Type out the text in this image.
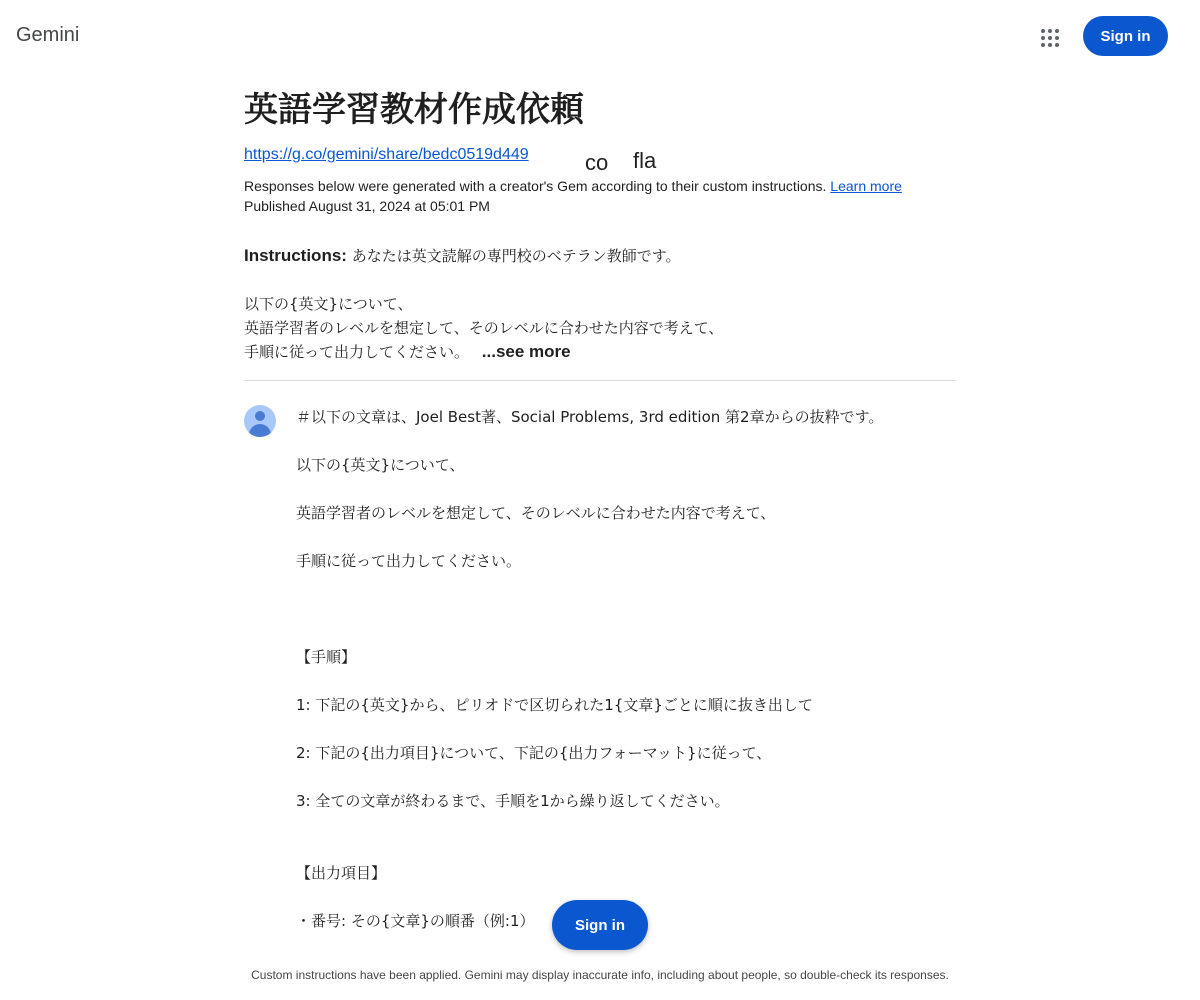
Gemini	Sign in
英語学習教材作成依頼
https://g.co/gemini/share/bedc0519d449	co fla
Responses below were generated with a creator's Gem according to their custom instructions. Learn more
Published August 31, 2024 at 05:01 PM

Instructions: あなたは英文読解の専門校のベテラン教師です。

以下の{英文}について、

英語学習者のレベルを想定して、そのレベルに合わせた内容で考えて、

手順に従って出力してください。 ...see more

＃以下の文章は、Joel Best著、Social Problems, 3rd edition 第2章からの抜粋です。
以下の{英文}について、
英語学習者のレベルを想定して、そのレベルに合わせた内容で考えて、
手順に従って出力してください。
【手順】
1: 下記の{英文}から、ピリオドで区切られた1{文章}ごとに順に抜き出して
2: 下記の{出力項目}について、下記の{出力フォーマット}に従って、
3: 全ての文章が終わるまで、手順を1から繰り返してください。
【出力項目】
・番号: その{文章}の順番（例:1）	Sign in
Custom instructions have been applied. Gemini may display inaccurate info, including about people, so double-check its responses.
